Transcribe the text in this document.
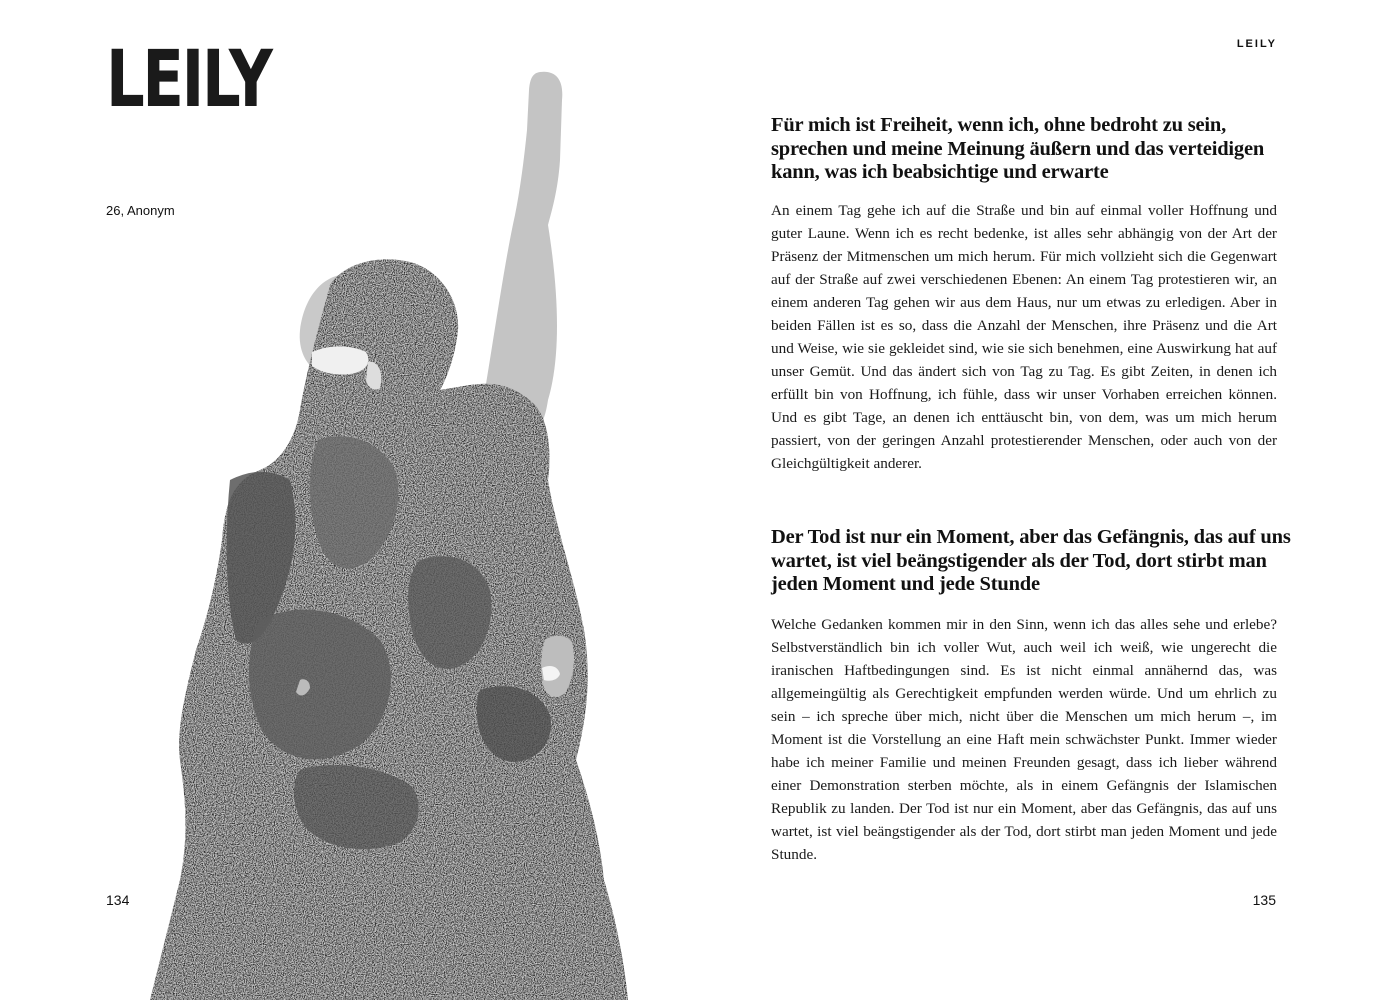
LEILY
26, Anonym
134
LEILY
Für mich ist Freiheit, wenn ich, ohne bedroht zu sein, sprechen und meine Meinung äußern und das verteidigen kann, was ich beabsichtige und erwarte

An einem Tag gehe ich auf die Straße und bin auf einmal voller Hoffnung und guter Laune. Wenn ich es recht bedenke, ist alles sehr abhängig von der Art der Präsenz der Mitmenschen um mich herum. Für mich vollzieht sich die Gegenwart auf der Straße auf zwei verschiedenen Ebenen: An einem Tag protestieren wir, an einem anderen Tag gehen wir aus dem Haus, nur um etwas zu erledigen. Aber in beiden Fällen ist es so, dass die Anzahl der Menschen, ihre Präsenz und die Art und Weise, wie sie gekleidet sind, wie sie sich benehmen, eine Auswirkung hat auf unser Gemüt. Und das ändert sich von Tag zu Tag. Es gibt Zeiten, in denen ich erfüllt bin von Hoffnung, ich fühle, dass wir unser Vorhaben erreichen können. Und es gibt Tage, an denen ich enttäuscht bin, von dem, was um mich herum passiert, von der geringen Anzahl protestierender Menschen, oder auch von der Gleichgültigkeit anderer.

Der Tod ist nur ein Moment, aber das Gefängnis, das auf uns wartet, ist viel beängstigender als der Tod, dort stirbt man jeden Moment und jede Stunde

Welche Gedanken kommen mir in den Sinn, wenn ich das alles sehe und erlebe? Selbstverständlich bin ich voller Wut, auch weil ich weiß, wie ungerecht die iranischen Haftbedingungen sind. Es ist nicht einmal annähernd das, was allgemeingültig als Gerechtigkeit empfunden werden würde. Und um ehrlich zu sein – ich spreche über mich, nicht über die Menschen um mich herum –, im Moment ist die Vorstellung an eine Haft mein schwächster Punkt. Immer wieder habe ich meiner Familie und meinen Freunden gesagt, dass ich lieber während einer Demonstration sterben möchte, als in einem Gefängnis der Islamischen Republik zu landen. Der Tod ist nur ein Moment, aber das Gefängnis, das auf uns wartet, ist viel beängstigender als der Tod, dort stirbt man jeden Moment und jede Stunde.

135
